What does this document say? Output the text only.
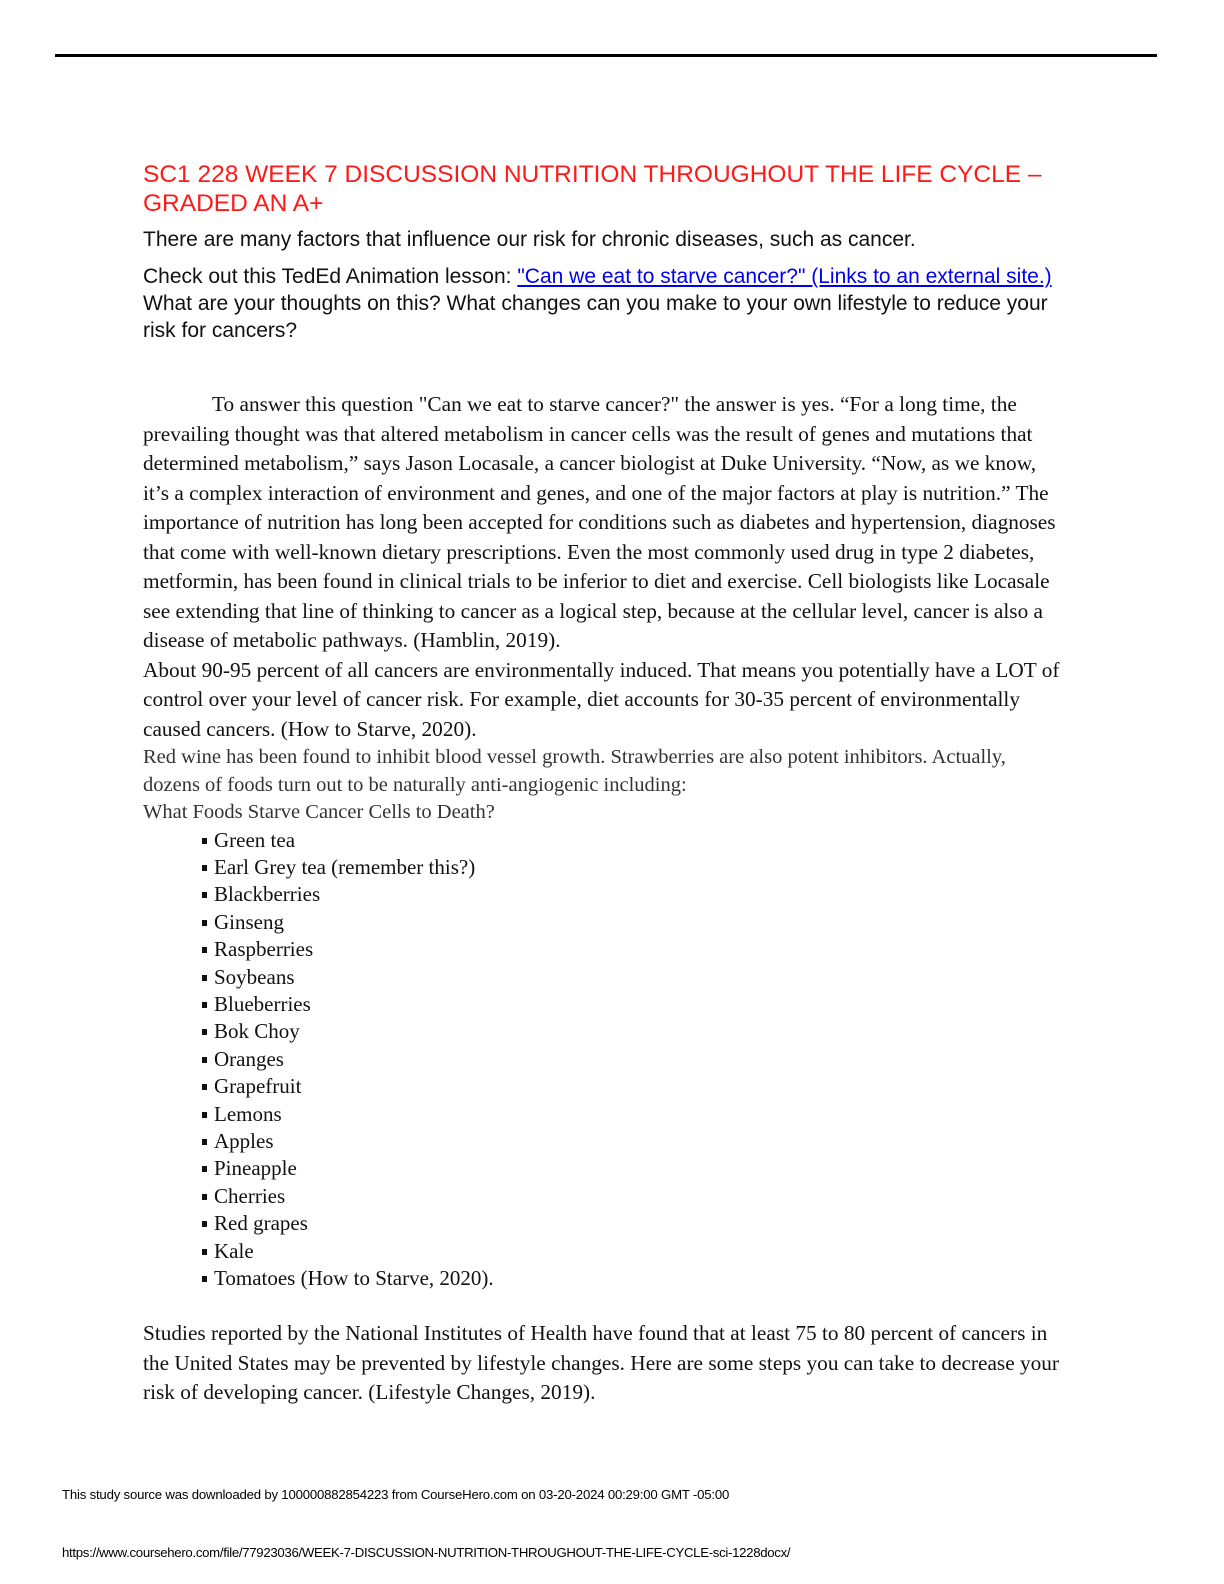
SC1 228 WEEK 7 DISCUSSION NUTRITION THROUGHOUT THE LIFE CYCLE – GRADED AN A+

There are many factors that influence our risk for chronic diseases, such as cancer.

Check out this TedEd Animation lesson: "Can we eat to starve cancer?" (Links to an external site.) What are your thoughts on this? What changes can you make to your own lifestyle to reduce your risk for cancers?

To answer this question "Can we eat to starve cancer?" the answer is yes. “For a long time, the prevailing thought was that altered metabolism in cancer cells was the result of genes and mutations that determined metabolism,” says Jason Locasale, a cancer biologist at Duke University. “Now, as we know, it’s a complex interaction of environment and genes, and one of the major factors at play is nutrition.” The importance of nutrition has long been accepted for conditions such as diabetes and hypertension, diagnoses that come with well-known dietary prescriptions. Even the most commonly used drug in type 2 diabetes, metformin, has been found in clinical trials to be inferior to diet and exercise. Cell biologists like Locasale see extending that line of thinking to cancer as a logical step, because at the cellular level, cancer is also a disease of metabolic pathways. (Hamblin, 2019).

About 90-95 percent of all cancers are environmentally induced. That means you potentially have a LOT of control over your level of cancer risk. For example, diet accounts for 30-35 percent of environmentally caused cancers. (How to Starve, 2020).

Red wine has been found to inhibit blood vessel growth. Strawberries are also potent inhibitors. Actually, dozens of foods turn out to be naturally anti-angiogenic including:

What Foods Starve Cancer Cells to Death?

Green tea
Earl Grey tea (remember this?)
Blackberries
Ginseng
Raspberries
Soybeans
Blueberries
Bok Choy
Oranges
Grapefruit
Lemons
Apples
Pineapple
Cherries
Red grapes
Kale
Tomatoes (How to Starve, 2020).

Studies reported by the National Institutes of Health have found that at least 75 to 80 percent of cancers in the United States may be prevented by lifestyle changes. Here are some steps you can take to decrease your risk of developing cancer. (Lifestyle Changes, 2019).

This study source was downloaded by 100000882854223 from CourseHero.com on 03-20-2024 00:29:00 GMT -05:00
https://www.coursehero.com/file/77923036/WEEK-7-DISCUSSION-NUTRITION-THROUGHOUT-THE-LIFE-CYCLE-sci-1228docx/
